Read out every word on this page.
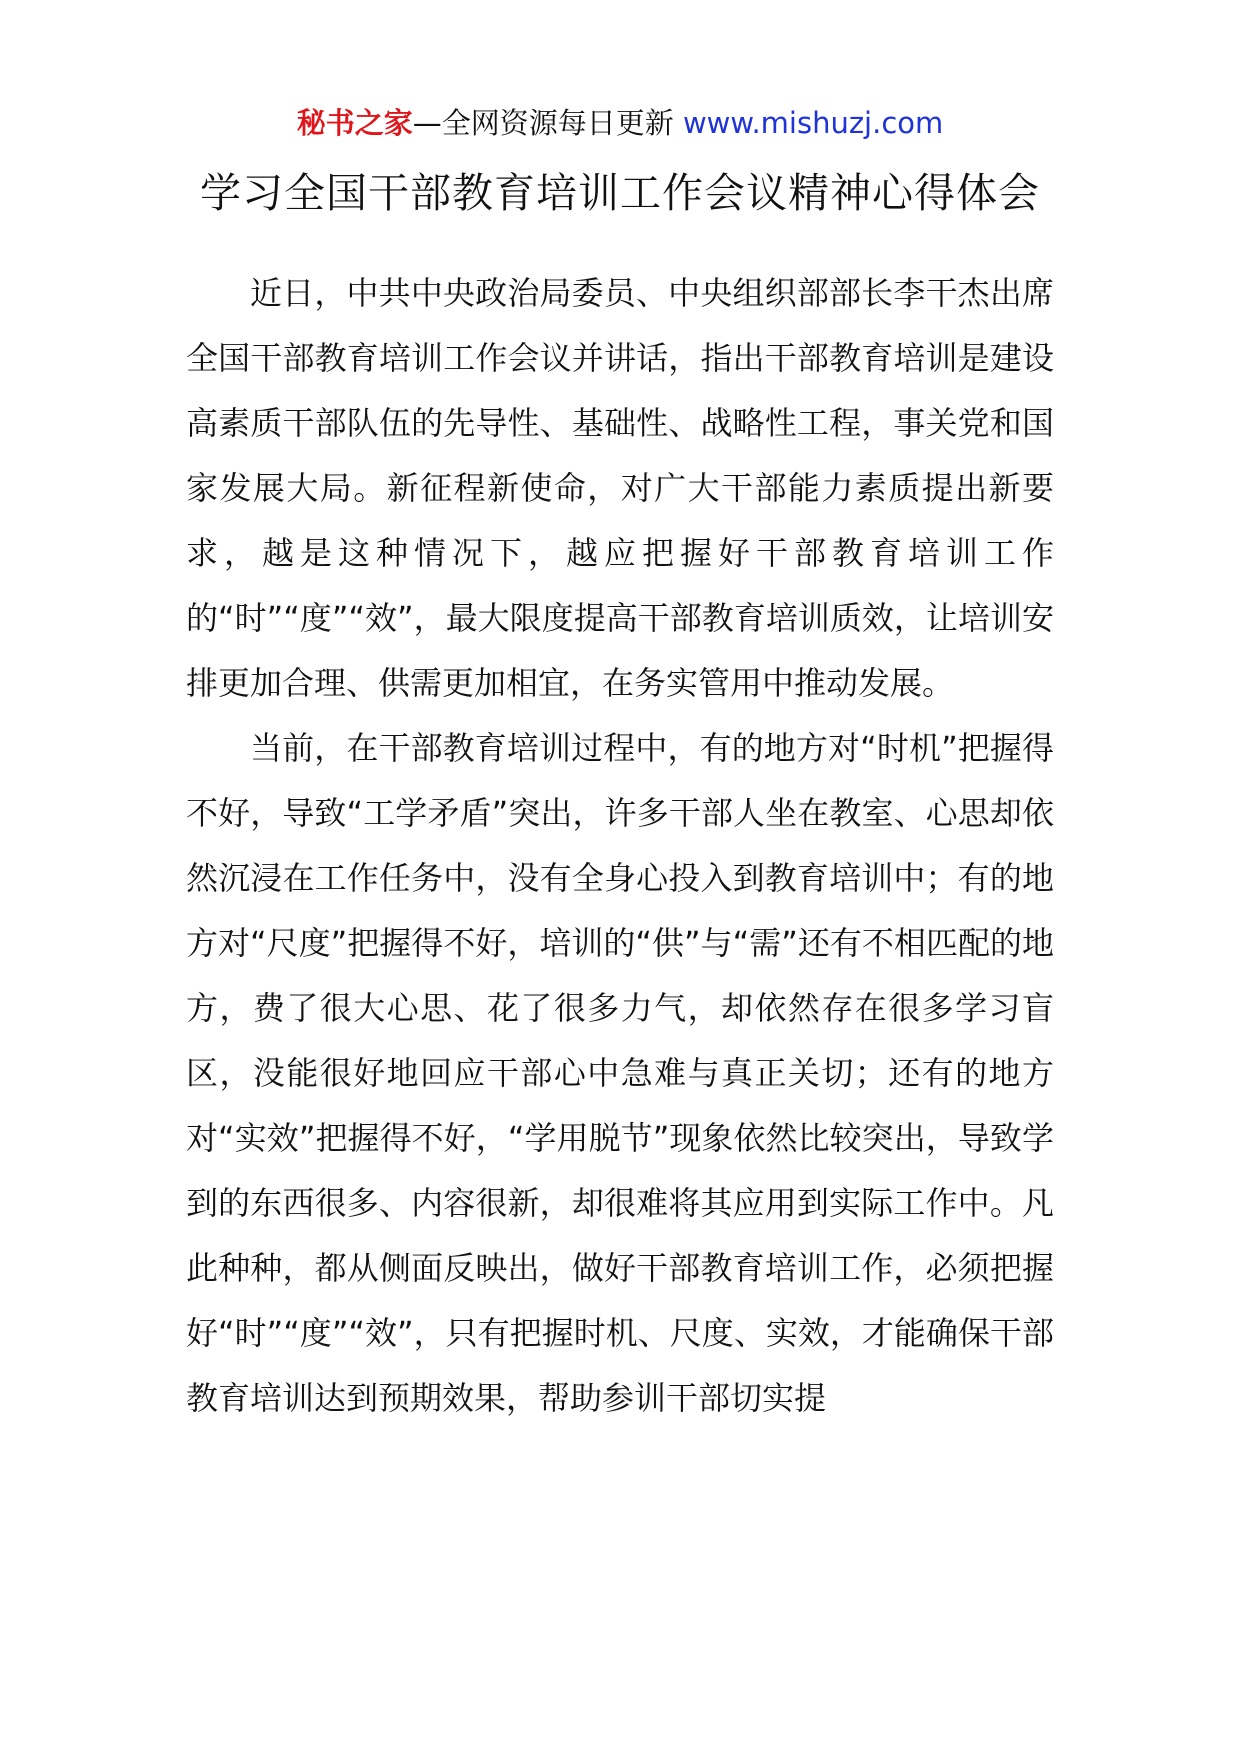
秘书之家—全网资源每日更新 www.mishuzj.com
学习全国干部教育培训工作会议精神心得体会

近日，中共中央政治局委员、中央组织部部长李干杰出席全国干部教育培训工作会议并讲话，指出干部教育培训是建设高素质干部队伍的先导性、基础性、战略性工程，事关党和国家发展大局。新征程新使命，对广大干部能力素质提出新要求，越是这种情况下，越应把握好干部教育培训工作的“时”“度”“效”，最大限度提高干部教育培训质效，让培训安排更加合理、供需更加相宜，在务实管用中推动发展。

当前，在干部教育培训过程中，有的地方对“时机”把握得不好，导致“工学矛盾”突出，许多干部人坐在教室、心思却依然沉浸在工作任务中，没有全身心投入到教育培训中；有的地方对“尺度”把握得不好，培训的“供”与“需”还有不相匹配的地方，费了很大心思、花了很多力气，却依然存在很多学习盲区，没能很好地回应干部心中急难与真正关切；还有的地方对“实效”把握得不好，“学用脱节”现象依然比较突出，导致学到的东西很多、内容很新，却很难将其应用到实际工作中。凡此种种，都从侧面反映出，做好干部教育培训工作，必须把握好“时”“度”“效”，只有把握时机、尺度、实效，才能确保干部教育培训达到预期效果，帮助参训干部切实提
